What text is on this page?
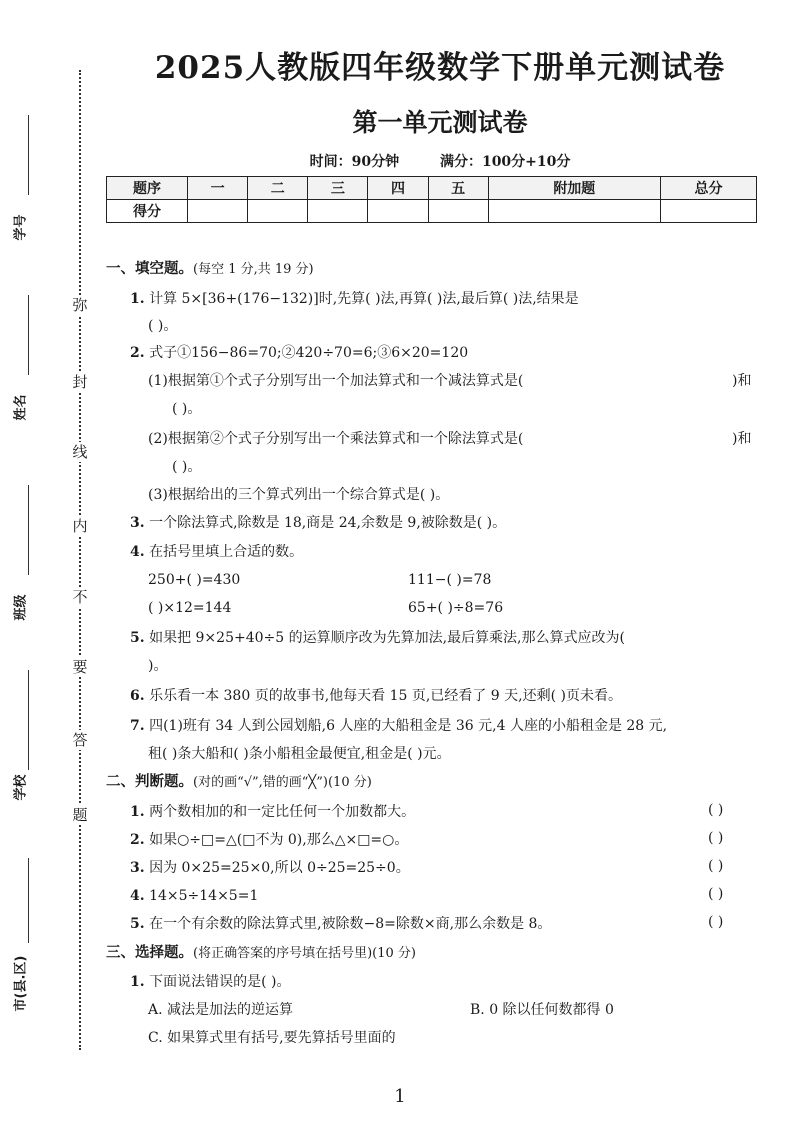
弥
封
线
内
不
要
答
题
学号
姓名
班级
学校
市(县.区)
2025人教版四年级数学下册单元测试卷
第一单元测试卷
时间：90分钟	满分：100分+10分
题序	一	二	三	四	五	附加题	总分
得分							
一、填空题。(每空 1 分,共 19 分)
1. 计算 5×[36+(176−132)]时,先算( )法,再算( )法,最后算( )法,结果是
( )。
2. 式子①156−86=70;②420÷70=6;③6×20=120
(1)根据第①个式子分别写出一个加法算式和一个减法算式是(	)和
( )。
(2)根据第②个式子分别写出一个乘法算式和一个除法算式是(	)和
( )。
(3)根据给出的三个算式列出一个综合算式是( )。
3. 一个除法算式,除数是 18,商是 24,余数是 9,被除数是( )。
4. 在括号里填上合适的数。
250+( )=430	111−( )=78
( )×12=144	65+( )÷8=76
5. 如果把 9×25+40÷5 的运算顺序改为先算加法,最后算乘法,那么算式应改为(
)。
6. 乐乐看一本 380 页的故事书,他每天看 15 页,已经看了 9 天,还剩( )页未看。
7. 四(1)班有 34 人到公园划船,6 人座的大船租金是 36 元,4 人座的小船租金是 28 元,
租( )条大船和( )条小船租金最便宜,租金是( )元。
二、判断题。(对的画“√”,错的画“╳”)(10 分)
1. 两个数相加的和一定比任何一个加数都大。	( )
2. 如果○÷□=△(□不为 0),那么△×□=○。	( )
3. 因为 0×25=25×0,所以 0÷25=25÷0。	( )
4. 14×5÷14×5=1	( )
5. 在一个有余数的除法算式里,被除数−8=除数×商,那么余数是 8。	( )
三、选择题。(将正确答案的序号填在括号里)(10 分)
1. 下面说法错误的是( )。
A. 减法是加法的逆运算	B. 0 除以任何数都得 0
C. 如果算式里有括号,要先算括号里面的
1
